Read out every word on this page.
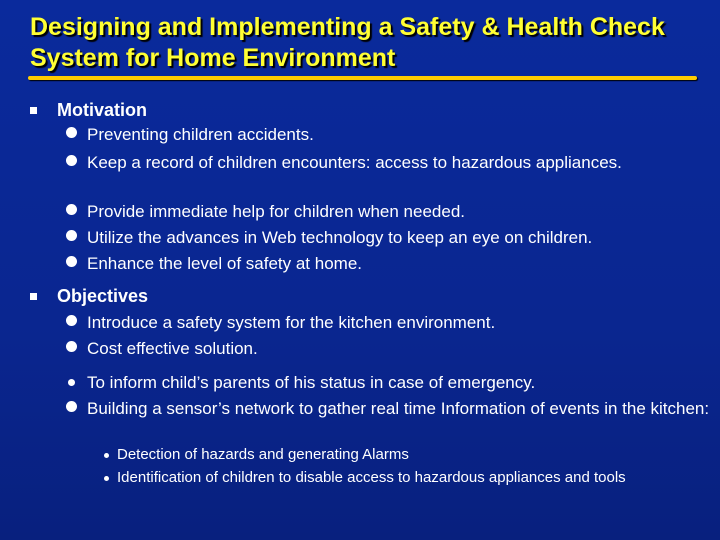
Designing and Implementing a Safety & Health Check System for Home Environment
Motivation
Preventing children accidents.
Keep a record of children encounters: access to hazardous appliances.
Provide immediate help for children when needed.
Utilize the advances in Web technology to keep an eye on children.
Enhance the level of safety at home.
Objectives
Introduce a safety system for the kitchen environment.
Cost effective solution.
To inform child’s parents of his status in case of emergency.
Building a sensor’s network to gather real time Information of events in the kitchen:
Detection of hazards and generating Alarms
Identification of children to disable access to hazardous appliances and tools
